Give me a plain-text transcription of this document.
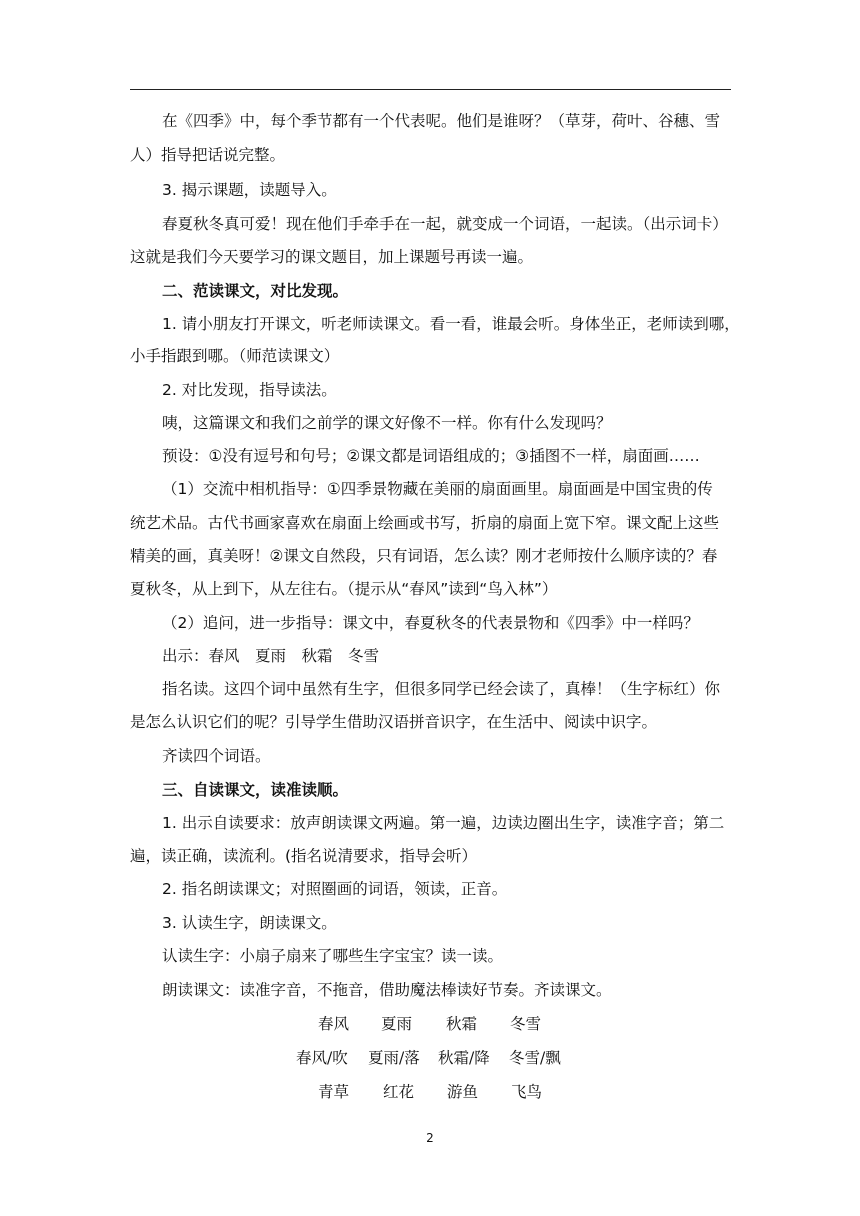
在《四季》中，每个季节都有一个代表呢。他们是谁呀？（草芽，荷叶、谷穗、雪
人）指导把话说完整。
3. 揭示课题，读题导入。
春夏秋冬真可爱！现在他们手牵手在一起，就变成一个词语，一起读。（出示词卡）
这就是我们今天要学习的课文题目，加上课题号再读一遍。
二、范读课文，对比发现。
1. 请小朋友打开课文，听老师读课文。看一看，谁最会听。身体坐正，老师读到哪，
小手指跟到哪。（师范读课文）
2. 对比发现，指导读法。
咦，这篇课文和我们之前学的课文好像不一样。你有什么发现吗？
预设：①没有逗号和句号；②课文都是词语组成的；③插图不一样，扇面画……
（1）交流中相机指导：①四季景物藏在美丽的扇面画里。扇面画是中国宝贵的传
统艺术品。古代书画家喜欢在扇面上绘画或书写，折扇的扇面上宽下窄。课文配上这些
精美的画，真美呀！②课文自然段，只有词语，怎么读？刚才老师按什么顺序读的？春
夏秋冬，从上到下，从左往右。（提示从“春风”读到“鸟入林”）
（2）追问，进一步指导：课文中，春夏秋冬的代表景物和《四季》中一样吗？
出示：春风　夏雨　秋霜　冬雪
指名读。这四个词中虽然有生字，但很多同学已经会读了，真棒！（生字标红）你
是怎么认识它们的呢？引导学生借助汉语拼音识字，在生活中、阅读中识字。
齐读四个词语。
三、自读课文，读准读顺。
1. 出示自读要求：放声朗读课文两遍。第一遍，边读边圈出生字，读准字音；第二
遍，读正确，读流利。(指名说清要求，指导会听）
2. 指名朗读课文；对照圈画的词语，领读，正音。
3. 认读生字，朗读课文。
认读生字：小扇子扇来了哪些生字宝宝？读一读。
朗读课文：读准字音，不拖音，借助魔法棒读好节奏。齐读课文。
春风 夏雨 秋霜 冬雪
春风/吹 夏雨/落 秋霜/降 冬雪/飘
青草 红花 游鱼 飞鸟
2
